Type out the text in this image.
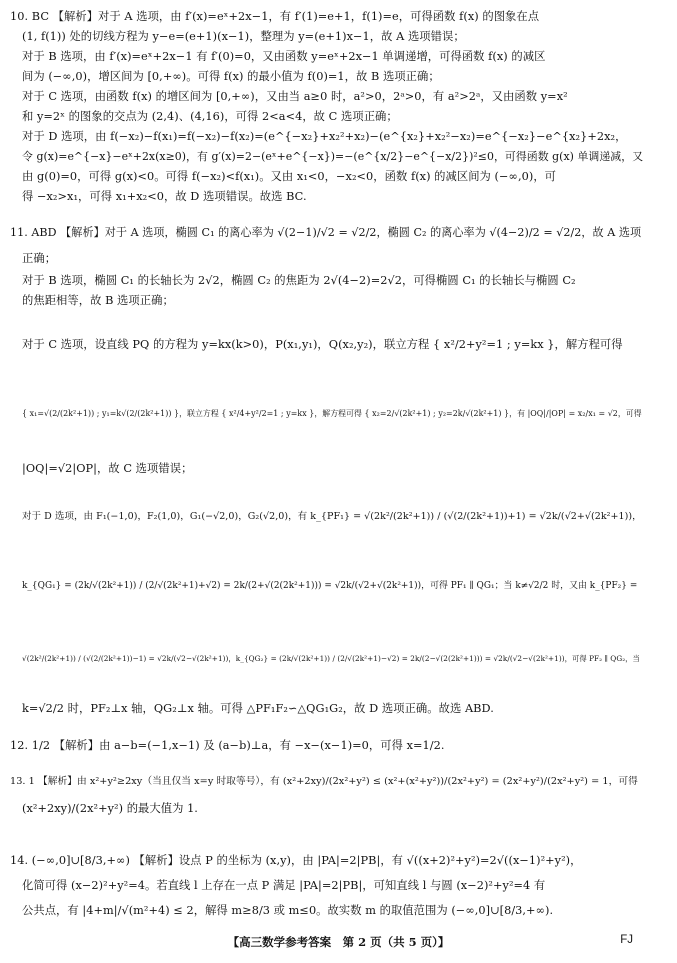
10. BC 【解析】对于 A 选项，由 f′(x)=eˣ+2x−1，有 f′(1)=e+1，f(1)=e，可得函数 f(x) 的图象在点
(1, f(1)) 处的切线方程为 y−e=(e+1)(x−1)，整理为 y=(e+1)x−1，故 A 选项错误；
对于 B 选项，由 f′(x)=eˣ+2x−1 有 f′(0)=0，又由函数 y=eˣ+2x−1 单调递增，可得函数 f(x) 的减区
间为 (−∞,0)，增区间为 [0,+∞)。可得 f(x) 的最小值为 f(0)=1，故 B 选项正确；
对于 C 选项，由函数 f(x) 的增区间为 [0,+∞)，又由当 a≥0 时，a²>0，2ᵃ>0，有 a²>2ᵃ，又由函数 y=x²
和 y=2ˣ 的图象的交点为 (2,4)、(4,16)，可得 2<a<4，故 C 选项正确；
对于 D 选项，由 f(−x₂)−f(x₁)=f(−x₂)−f(x₂)=(e^{−x₂}+x₂²+x₂)−(e^{x₂}+x₂²−x₂)=e^{−x₂}−e^{x₂}+2x₂，
令 g(x)=e^{−x}−eˣ+2x(x≥0)，有 g′(x)=2−(eˣ+e^{−x})=−(e^{x/2}−e^{−x/2})²≤0，可得函数 g(x) 单调递减，又
由 g(0)=0，可得 g(x)<0。可得 f(−x₂)<f(x₁)。又由 x₁<0，−x₂<0，函数 f(x) 的减区间为 (−∞,0)，可
得 −x₂>x₁，可得 x₁+x₂<0，故 D 选项错误。故选 BC.
11. ABD 【解析】对于 A 选项，椭圆 C₁ 的离心率为 √(2−1)/√2 = √2/2，椭圆 C₂ 的离心率为 √(4−2)/2 = √2/2，故 A 选项
正确；
对于 B 选项，椭圆 C₁ 的长轴长为 2√2，椭圆 C₂ 的焦距为 2√(4−2)=2√2，可得椭圆 C₁ 的长轴长与椭圆 C₂
的焦距相等，故 B 选项正确；
对于 C 选项，设直线 PQ 的方程为 y=kx(k>0)，P(x₁,y₁)，Q(x₂,y₂)，联立方程 { x²/2+y²=1 ; y=kx }，解方程可得
{ x₁=√(2/(2k²+1)) ; y₁=k√(2/(2k²+1)) }，联立方程 { x²/4+y²/2=1 ; y=kx }，解方程可得 { x₂=2/√(2k²+1) ; y₂=2k/√(2k²+1) }，有 |OQ|/|OP| = x₂/x₁ = √2，可得
|OQ|=√2|OP|，故 C 选项错误；
对于 D 选项，由 F₁(−1,0)，F₂(1,0)，G₁(−√2,0)，G₂(√2,0)，有 k_{PF₁} = √(2k²/(2k²+1)) / (√(2/(2k²+1))+1) = √2k/(√2+√(2k²+1))，
k_{QG₁} = (2k/√(2k²+1)) / (2/√(2k²+1)+√2) = 2k/(2+√(2(2k²+1))) = √2k/(√2+√(2k²+1))，可得 PF₁ ∥ QG₁；当 k≠√2/2 时，又由 k_{PF₂} =
√(2k²/(2k²+1)) / (√(2/(2k²+1))−1) = √2k/(√2−√(2k²+1))，k_{QG₂} = (2k/√(2k²+1)) / (2/√(2k²+1)−√2) = 2k/(2−√(2(2k²+1))) = √2k/(√2−√(2k²+1))，可得 PF₂ ∥ QG₂，当
k=√2/2 时，PF₂⊥x 轴，QG₂⊥x 轴。可得 △PF₁F₂∽△QG₁G₂，故 D 选项正确。故选 ABD.
12. 1/2 【解析】由 a−b=(−1,x−1) 及 (a−b)⊥a，有 −x−(x−1)=0，可得 x=1/2.
13. 1 【解析】由 x²+y²≥2xy（当且仅当 x=y 时取等号），有 (x²+2xy)/(2x²+y²) ≤ (x²+(x²+y²))/(2x²+y²) = (2x²+y²)/(2x²+y²) = 1，可得
(x²+2xy)/(2x²+y²) 的最大值为 1.
14. (−∞,0]∪[8/3,+∞) 【解析】设点 P 的坐标为 (x,y)，由 |PA|=2|PB|，有 √((x+2)²+y²)=2√((x−1)²+y²)，
化简可得 (x−2)²+y²=4。若直线 l 上存在一点 P 满足 |PA|=2|PB|，可知直线 l 与圆 (x−2)²+y²=4 有
公共点，有 |4+m|/√(m²+4) ≤ 2，解得 m≥8/3 或 m≤0。故实数 m 的取值范围为 (−∞,0]∪[8/3,+∞).
【高三数学参考答案　第 2 页（共 5 页）】	FJ
